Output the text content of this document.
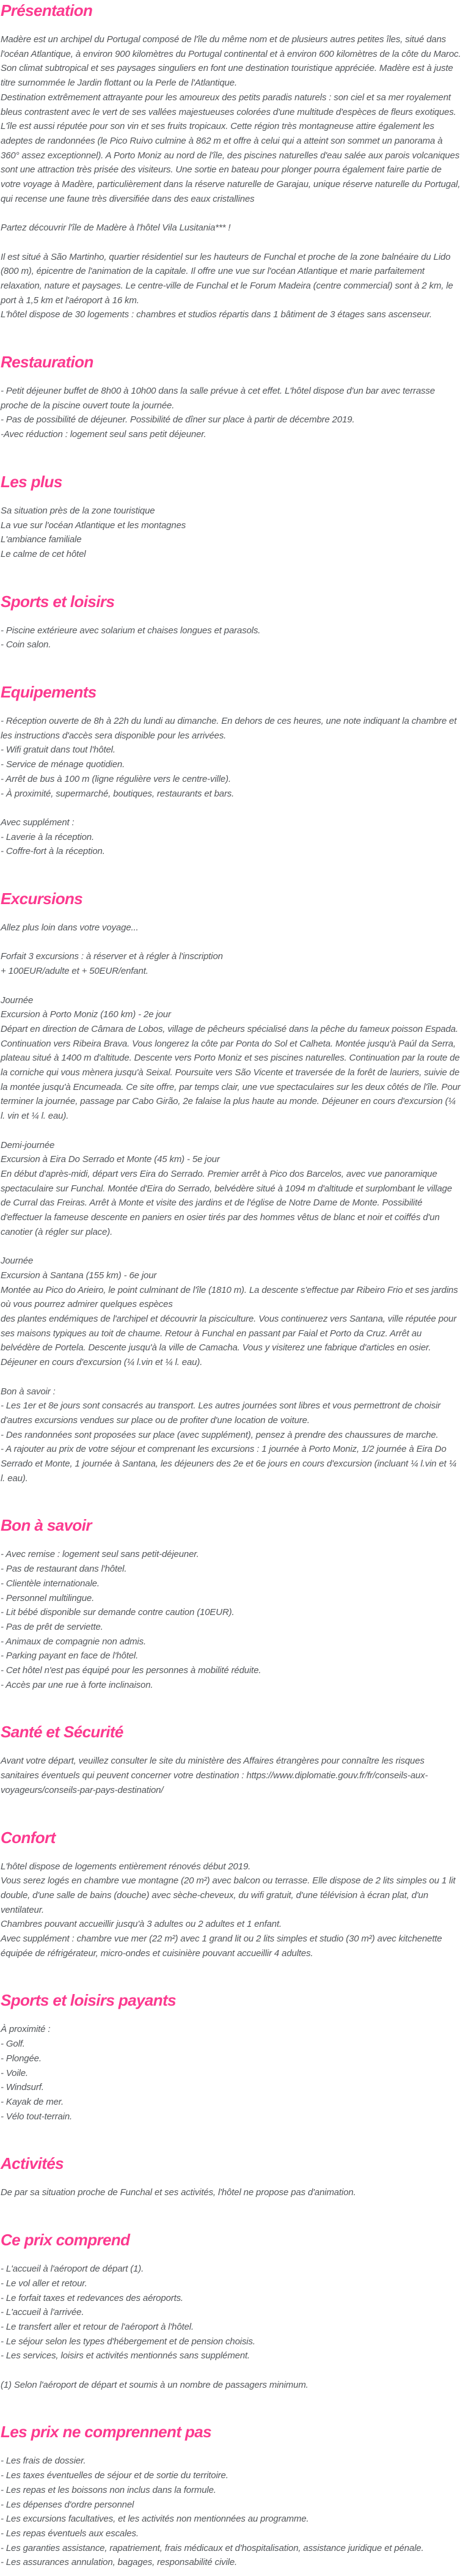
Présentation

Madère est un archipel du Portugal composé de l'île du même nom et de plusieurs autres petites îles, situé dans l'océan Atlantique, à environ 900 kilomètres du Portugal continental et à environ 600 kilomètres de la côte du Maroc. Son climat subtropical et ses paysages singuliers en font une destination touristique appréciée. Madère est à juste titre surnommée le Jardin flottant ou la Perle de l'Atlantique.

Destination extrêmement attrayante pour les amoureux des petits paradis naturels : son ciel et sa mer royalement bleus contrastent avec le vert de ses vallées majestueuses colorées d'une multitude d'espèces de fleurs exotiques. L'île est aussi réputée pour son vin et ses fruits tropicaux. Cette région très montagneuse attire également les adeptes de randonnées (le Pico Ruivo culmine à 862 m et offre à celui qui a atteint son sommet un panorama à 360° assez exceptionnel). A Porto Moniz au nord de l'île, des piscines naturelles d'eau salée aux parois volcaniques sont une attraction très prisée des visiteurs. Une sortie en bateau pour plonger pourra également faire partie de votre voyage à Madère, particulièrement dans la réserve naturelle de Garajau, unique réserve naturelle du Portugal, qui recense une faune très diversifiée dans des eaux cristallines

Partez découvrir l'île de Madère à l'hôtel Vila Lusitania*** !

Il est situé à São Martinho, quartier résidentiel sur les hauteurs de Funchal et proche de la zone balnéaire du Lido (800 m), épicentre de l'animation de la capitale. Il offre une vue sur l'océan Atlantique et marie parfaitement relaxation, nature et paysages. Le centre-ville de Funchal et le Forum Madeira (centre commercial) sont à 2 km, le port à 1,5 km et l'aéroport à 16 km.

L'hôtel dispose de 30 logements : chambres et studios répartis dans 1 bâtiment de 3 étages sans ascenseur.

Restauration

- Petit déjeuner buffet de 8h00 à 10h00 dans la salle prévue à cet effet. L'hôtel dispose d'un bar avec terrasse proche de la piscine ouvert toute la journée.

- Pas de possibilité de déjeuner. Possibilité de dîner sur place à partir de décembre 2019.

-Avec réduction : logement seul sans petit déjeuner.

Les plus

Sa situation près de la zone touristique

La vue sur l'océan Atlantique et les montagnes

L'ambiance familiale

Le calme de cet hôtel

Sports et loisirs

- Piscine extérieure avec solarium et chaises longues et parasols.

- Coin salon.

Equipements

- Réception ouverte de 8h à 22h du lundi au dimanche. En dehors de ces heures, une note indiquant la chambre et les instructions d'accès sera disponible pour les arrivées.

- Wifi gratuit dans tout l'hôtel.

- Service de ménage quotidien.

- Arrêt de bus à 100 m (ligne régulière vers le centre-ville).

- À proximité, supermarché, boutiques, restaurants et bars.

Avec supplément :

- Laverie à la réception.

- Coffre-fort à la réception.

Excursions

Allez plus loin dans votre voyage...

Forfait 3 excursions : à réserver et à régler à l'inscription

+ 100EUR/adulte et + 50EUR/enfant.

Journée

Excursion à Porto Moniz (160 km) - 2e jour

Départ en direction de Câmara de Lobos, village de pêcheurs spécialisé dans la pêche du fameux poisson Espada. Continuation vers Ribeira Brava. Vous longerez la côte par Ponta do Sol et Calheta. Montée jusqu'à Paúl da Serra, plateau situé à 1400 m d'altitude. Descente vers Porto Moniz et ses piscines naturelles. Continuation par la route de la corniche qui vous mènera jusqu'à Seixal. Poursuite vers São Vicente et traversée de la forêt de lauriers, suivie de la montée jusqu'à Encumeada. Ce site offre, par temps clair, une vue spectaculaires sur les deux côtés de l'île. Pour terminer la journée, passage par Cabo Girão, 2e falaise la plus haute au monde. Déjeuner en cours d'excursion (¼ l. vin et ¼ l. eau).

Demi-journée

Excursion à Eira Do Serrado et Monte (45 km) - 5e jour

En début d'après-midi, départ vers Eira do Serrado. Premier arrêt à Pico dos Barcelos, avec vue panoramique spectaculaire sur Funchal. Montée d'Eira do Serrado, belvédère situé à 1094 m d'altitude et surplombant le village de Curral das Freiras. Arrêt à Monte et visite des jardins et de l'église de Notre Dame de Monte. Possibilité d'effectuer la fameuse descente en paniers en osier tirés par des hommes vêtus de blanc et noir et coiffés d'un canotier (à régler sur place).

Journée

Excursion à Santana (155 km) - 6e jour

Montée au Pico do Arieiro, le point culminant de l'île (1810 m). La descente s'effectue par Ribeiro Frio et ses jardins où vous pourrez admirer quelques espèces

des plantes endémiques de l'archipel et découvrir la pisciculture. Vous continuerez vers Santana, ville réputée pour ses maisons typiques au toit de chaume. Retour à Funchal en passant par Faial et Porto da Cruz. Arrêt au belvédère de Portela. Descente jusqu'à la ville de Camacha. Vous y visiterez une fabrique d'articles en osier. Déjeuner en cours d'excursion (¼ l.vin et ¼ l. eau).

Bon à savoir :

- Les 1er et 8e jours sont consacrés au transport. Les autres journées sont libres et vous permettront de choisir d'autres excursions vendues sur place ou de profiter d'une location de voiture.

- Des randonnées sont proposées sur place (avec supplément), pensez à prendre des chaussures de marche.

- A rajouter au prix de votre séjour et comprenant les excursions : 1 journée à Porto Moniz, 1/2 journée à Eira Do Serrado et Monte, 1 journée à Santana, les déjeuners des 2e et 6e jours en cours d'excursion (incluant ¼ l.vin et ¼ l. eau).

Bon à savoir

- Avec remise : logement seul sans petit-déjeuner.

- Pas de restaurant dans l'hôtel.

- Clientèle internationale.

- Personnel multilingue.

- Lit bébé disponible sur demande contre caution (10EUR).

- Pas de prêt de serviette.

- Animaux de compagnie non admis.

- Parking payant en face de l'hôtel.

- Cet hôtel n'est pas équipé pour les personnes à mobilité réduite.

- Accès par une rue à forte inclinaison.

Santé et Sécurité

Avant votre départ, veuillez consulter le site du ministère des Affaires étrangères pour connaître les risques sanitaires éventuels qui peuvent concerner votre destination : https://www.diplomatie.gouv.fr/fr/conseils-aux-voyageurs/conseils-par-pays-destination/

Confort

L'hôtel dispose de logements entièrement rénovés début 2019.

Vous serez logés en chambre vue montagne (20 m²) avec balcon ou terrasse. Elle dispose de 2 lits simples ou 1 lit double, d'une salle de bains (douche) avec sèche-cheveux, du wifi gratuit, d'une télévision à écran plat, d'un ventilateur.

Chambres pouvant accueillir jusqu'à 3 adultes ou 2 adultes et 1 enfant.

Avec supplément : chambre vue mer (22 m²) avec 1 grand lit ou 2 lits simples et studio (30 m²) avec kitchenette équipée de réfrigérateur, micro-ondes et cuisinière pouvant accueillir 4 adultes.

Sports et loisirs payants

À proximité :

- Golf.

- Plongée.

- Voile.

- Windsurf.

- Kayak de mer.

- Vélo tout-terrain.

Activités

De par sa situation proche de Funchal et ses activités, l'hôtel ne propose pas d'animation.

Ce prix comprend

- L'accueil à l'aéroport de départ (1).

- Le vol aller et retour.

- Le forfait taxes et redevances des aéroports.

- L'accueil à l'arrivée.

- Le transfert aller et retour de l'aéroport à l'hôtel.

- Le séjour selon les types d'hébergement et de pension choisis.

- Les services, loisirs et activités mentionnés sans supplément.

(1) Selon l'aéroport de départ et soumis à un nombre de passagers minimum.

Les prix ne comprennent pas

- Les frais de dossier.

- Les taxes éventuelles de séjour et de sortie du territoire.

- Les repas et les boissons non inclus dans la formule.

- Les dépenses d'ordre personnel

- Les excursions facultatives, et les activités non mentionnées au programme.

- Les repas éventuels aux escales.

- Les garanties assistance, rapatriement, frais médicaux et d'hospitalisation, assistance juridique et pénale.

- Les assurances annulation, bagages, responsabilité civile.
